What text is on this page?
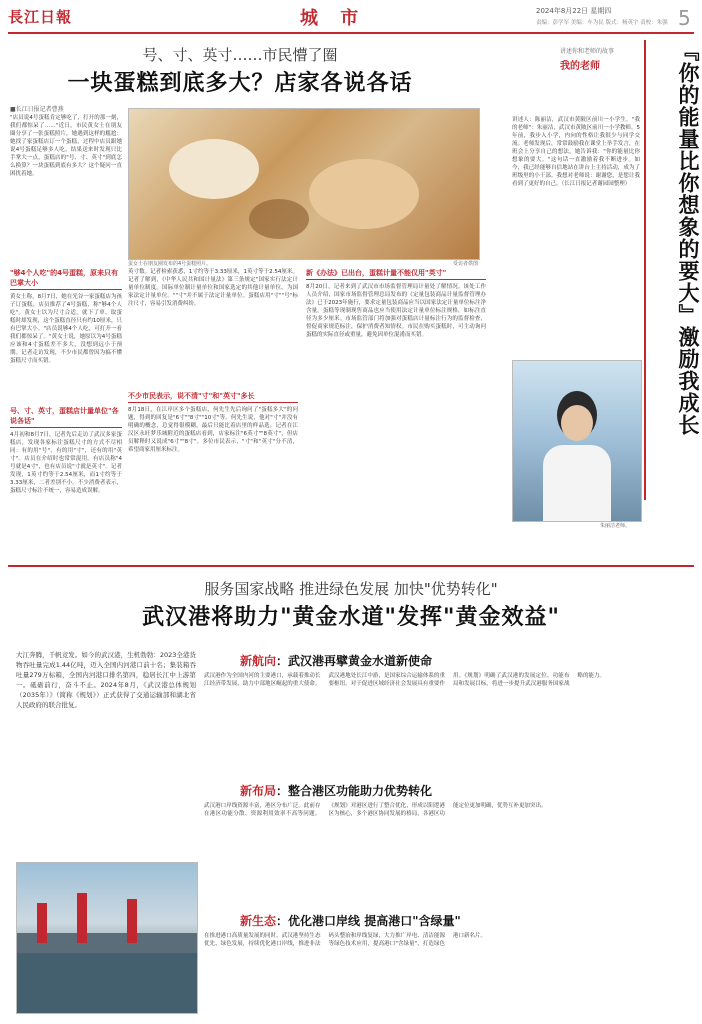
長江日報	城 市	2024年8月22日 星期四
责编：彭学军 美编：车为民 版式：杨英宇 责校：朱强 5
号、寸、英寸……市民懵了圈
一块蛋糕到底多大？店家各说各话
■长江日报记者曹燕
"店员说4号蛋糕肯定够吃了，打开的那一刻，我们都惊呆了……"近日，市民黄女士在朋友圈分享了一张蛋糕照片，她遇到这样的尴尬：她找了家蛋糕店订一个蛋糕，过程中店员跟她说4号蛋糕足够多人吃，结果送来时发现只比手掌大一点，蛋糕店的"号、寸、英寸"到底怎么换算？一块蛋糕到底有多大？这个疑问一直困扰着她。
蛋女士在朋友圈发布的4号蛋糕照片。	受访者供图
"够4个人吃"的4号蛋糕，原来只有巴掌大小
黄女士称，8月7日，她在光谷一家蛋糕店为孩子订蛋糕。店员推荐了4号蛋糕，称"够4个人吃"。黄女士以为尺寸合适，就下了单。取蛋糕时却发现，这个蛋糕直径只有约10厘米，只有巴掌大小。"店员说够4个人吃，可打开一看我们都惊呆了。"黄女士说，她原以为4号蛋糕应该和4寸蛋糕差不多大，没想到远小于预期。记者走访发现，不少市民都曾因为搞不懂蛋糕尺寸而买错。
号、寸、英寸，蛋糕店计量单位"各说各话"
4月初和8月7日，记者先后走访了武汉多家蛋糕店，发现各家标注蛋糕尺寸的方式不尽相同：有的用"号"，有的用"寸"，还有的用"英寸"。店员在介绍时也常常混用。有店员称"4号就是4寸"，也有店员说"寸就是英寸"。记者发现，1英寸约等于2.54厘米，而1寸约等于3.33厘米，二者差别不小。不少消费者表示，蛋糕尺寸标注不统一，容易造成误解。
英寸数。记者检索获悉，1寸约等于3.33厘米，1英寸等于2.54厘米。记者了解到，《中华人民共和国计量法》第三条规定"国家实行法定计量单位制度。国际单位制计量单位和国家选定的其他计量单位，为国家法定计量单位。""寸"并不属于法定计量单位。蛋糕店用"寸""号"标注尺寸，容易引发消费纠纷。
不少市民表示，说不清"寸"和"英寸"多长
8月18日，在江岸区多个蛋糕店，何先生先后询问了"蛋糕多大"的问题，得到的回复是"6寸""8寸""10寸"等。何先生说，他对"寸"并没有明确的概念，总觉得很模糊，最后只能比着店里的样品选。记者在江汉区永旺梦乐城附近的蛋糕店看到，店家标注"6英寸""8英寸"，但店员解释时又说成"6寸""8寸"。多位市民表示，"寸"和"英寸"分不清，希望商家用厘米标注。
新《办法》已出台，蛋糕计量不能仅用"英寸"
8月20日，记者来到了武汉市市场监督管理局计量处了解情况。该处工作人员介绍，国家市场监督管理总局发布的《定量包装商品计量监督管理办法》已于2023年施行，要求定量包装商品应当以国家法定计量单位标注净含量。蛋糕等现制现售商品也应当使用法定计量单位标注规格，如标注直径为多少厘米。市场监管部门将加强对蛋糕店计量标注行为的监督检查，督促商家规范标注，保护消费者知情权。市民在购买蛋糕时，可主动询问蛋糕的实际直径或重量，避免因单位混淆而买错。
讲述你和老师的故事
我的老师	『你的能量比你想象的要大』激励我成长
讲述人：陈丽洁，武汉市黄陂区前川一小学生。"我的老师"：朱丽洁，武汉市黄陂区前川一小学教师。5年前，我步入小学，内向的性格让我很少与同学交流。老师发现后，常常鼓励我在课堂上举手发言，在班会上分享自己的想法。她告诉我："你的能量比你想象的要大。"这句话一直激励着我不断进步。如今，我已经能够自信地站在讲台上主持活动，成为了班级里的小干部。我想对老师说：谢谢您，是您让我看到了更好的自己。（长江日报记者谢园园整理）
朱丽洁老师。
服务国家战略 推进绿色发展 加快"优势转化"
武汉港将助力"黄金水道"发挥"黄金效益"
大江奔腾，千帆竞发。如今的武汉港，生机勃勃：2023全港货物吞吐量完成1.44亿吨，迈入全国内河港口前十名；集装箱吞吐量279万标箱，全国内河港口排名第四，稳居长江中上游第一。砥砺前行，奋斗不止。2024年8月，《武汉港总体规划（2035年）》（简称《规划》）正式获得了交通运输部和湖北省人民政府的联合批复。
新航向：武汉港再擘黄金水道新使命
武汉港作为全国内河的主要港口，承载着推动长江经济带发展、助力中部地区崛起的重大使命。武汉港地处长江中游，是国家综合运输体系的重要枢纽，对于促进区域经济社会发展具有重要作用。《规划》明确了武汉港的发展定位、功能布局和发展目标，将进一步提升武汉港服务国家战略的能力。
新布局：整合港区功能助力优势转化
武汉港口岸线资源丰富，港区分布广泛。此前存在港区功能分散、资源利用效率不高等问题。《规划》对港区进行了整合优化，形成以阳逻港区为核心，多个港区协同发展的格局，各港区功能定位更加明确，优势互补更加突出。
新生态：优化港口岸线 提高港口"含绿量"
在推进港口高质量发展的同时，武汉港坚持生态优先、绿色发展，持续优化港口岸线，推进非法码头整治和岸线复绿，大力推广岸电、清洁能源等绿色技术应用，提高港口"含绿量"，打造绿色港口新名片。
